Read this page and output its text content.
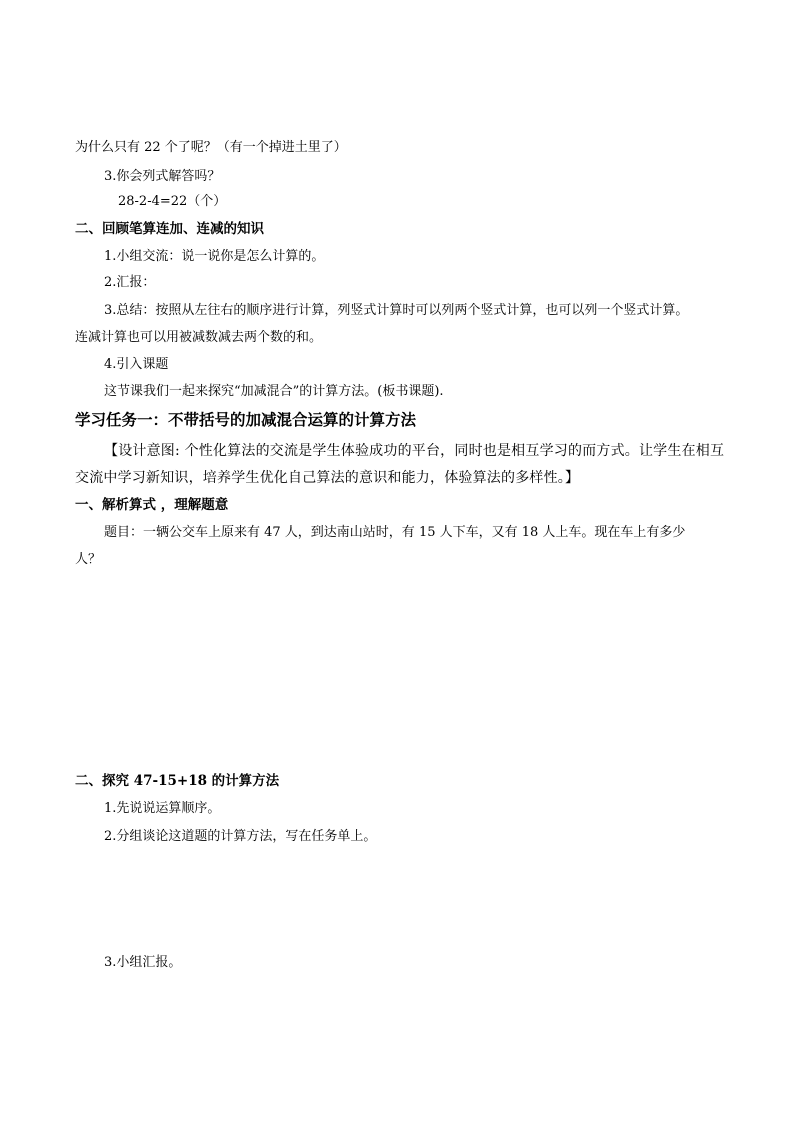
为什么只有 22 个了呢？（有一个掉进土里了）
3.你会列式解答吗？
28-2-4=22（个）
二、回顾笔算连加、连减的知识
1.小组交流：说一说你是怎么计算的。
2.汇报：
3.总结：按照从左往右的顺序进行计算，列竖式计算时可以列两个竖式计算，也可以列一个竖式计算。
连减计算也可以用被减数减去两个数的和。
4.引入课题
这节课我们一起来探究“加减混合”的计算方法。(板书课题).
学习任务一：不带括号的加减混合运算的计算方法
【设计意图: 个性化算法的交流是学生体验成功的平台，同时也是相互学习的而方式。让学生在相互
交流中学习新知识，培养学生优化自己算法的意识和能力，体验算法的多样性。】
一、解析算式 ，理解题意
题目：一辆公交车上原来有 47 人，到达南山站时，有 15 人下车，又有 18 人上车。现在车上有多少
人？
二、探究 47-15+18 的计算方法
1.先说说运算顺序。
2.分组谈论这道题的计算方法，写在任务单上。
3.小组汇报。
